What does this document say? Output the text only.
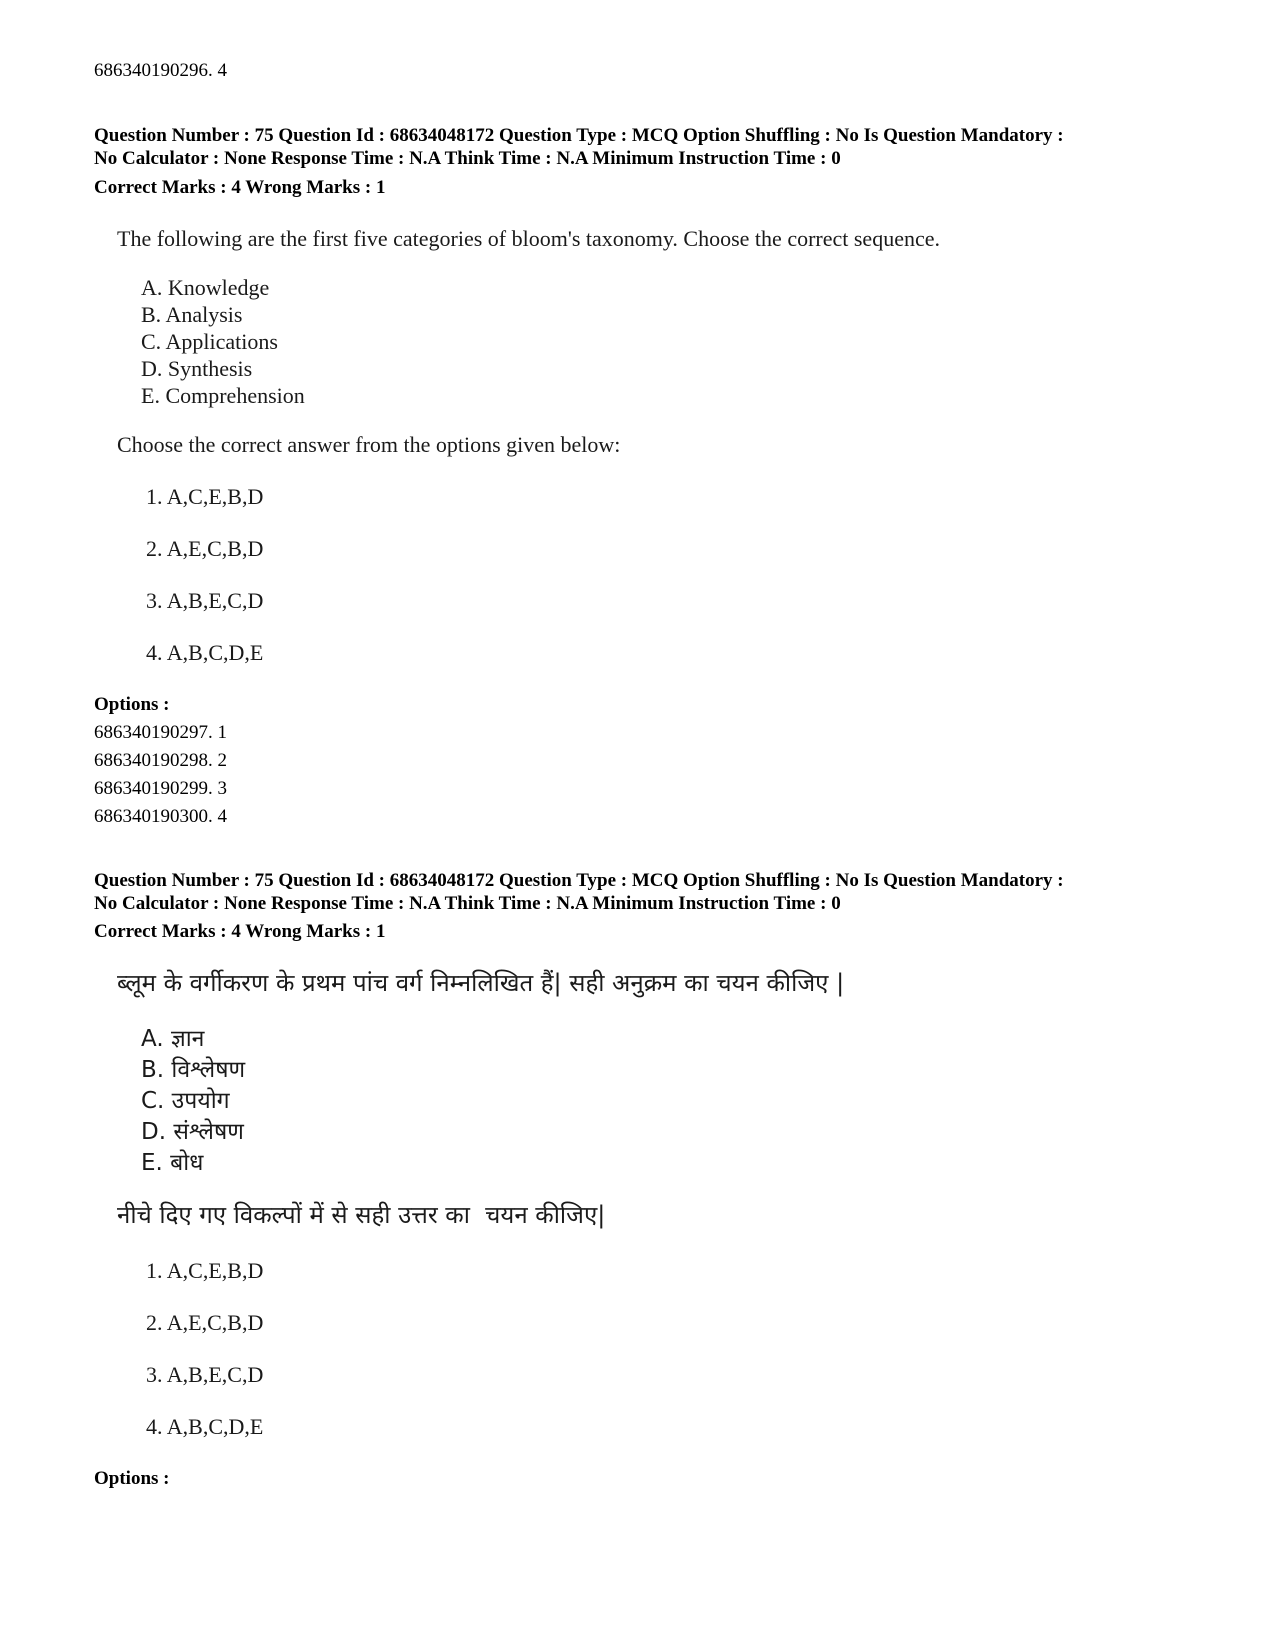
686340190296. 4
Question Number : 75 Question Id : 68634048172 Question Type : MCQ Option Shuffling : No Is Question Mandatory :
No Calculator : None Response Time : N.A Think Time : N.A Minimum Instruction Time : 0
Correct Marks : 4 Wrong Marks : 1
The following are the first five categories of bloom's taxonomy. Choose the correct sequence.
A. Knowledge
B. Analysis
C. Applications
D. Synthesis
E. Comprehension
Choose the correct answer from the options given below:
1. A,C,E,B,D
2. A,E,C,B,D
3. A,B,E,C,D
4. A,B,C,D,E
Options :
686340190297. 1
686340190298. 2
686340190299. 3
686340190300. 4
Question Number : 75 Question Id : 68634048172 Question Type : MCQ Option Shuffling : No Is Question Mandatory :
No Calculator : None Response Time : N.A Think Time : N.A Minimum Instruction Time : 0
Correct Marks : 4 Wrong Marks : 1
ब्लूम के वर्गीकरण के प्रथम पांच वर्ग निम्नलिखित हैं| सही अनुक्रम का चयन कीजिए |
A. ज्ञान
B. विश्लेषण
C. उपयोग
D. संश्लेषण
E. बोध
नीचे दिए गए विकल्पों में से सही उत्तर का  चयन कीजिए|
1. A,C,E,B,D
2. A,E,C,B,D
3. A,B,E,C,D
4. A,B,C,D,E
Options :
